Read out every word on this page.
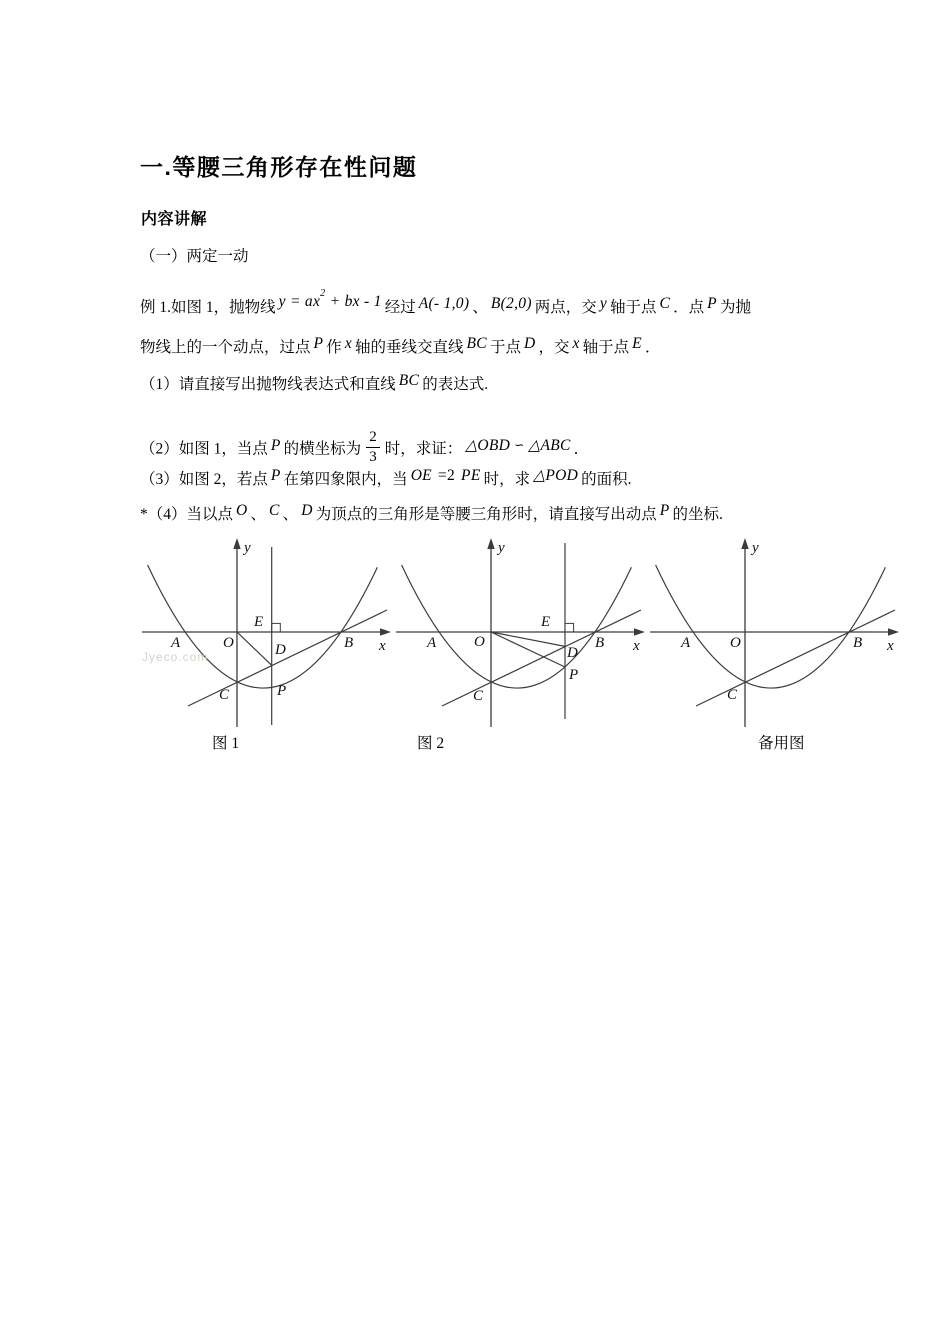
一.等腰三角形存在性问题
内容讲解
（一）两定一动
例 1.如图 1，抛物线 $y = ax^2$ + bx - 1 经过 A(- 1,0) 、 B(2,0) 两点，交 y 轴于点 C ．点 P 为抛
物线上的一个动点，过点 P 作 x 轴的垂线交直线 BC 于点 D ，交 x 轴于点 E ．
（1）请直接写出抛物线表达式和直线 BC 的表达式.
（2）如图 1，当点 P 的横坐标为 $\frac{2}{3}$ 时，求证： △OBD ∽ △ABC ．
（3）如图 2，若点 P 在第四象限内，当 OE =2 PE 时，求 △POD 的面积.
*（4）当以点 O 、 C 、 D 为顶点的三角形是等腰三角形时，请直接写出动点 P 的坐标.
y
x
A	O	B
C
E
D
P
Jyeco.com
y
x
A	O	B
C
E
D
P
y
x
A	O	B
C
图 1	图 2	备用图
